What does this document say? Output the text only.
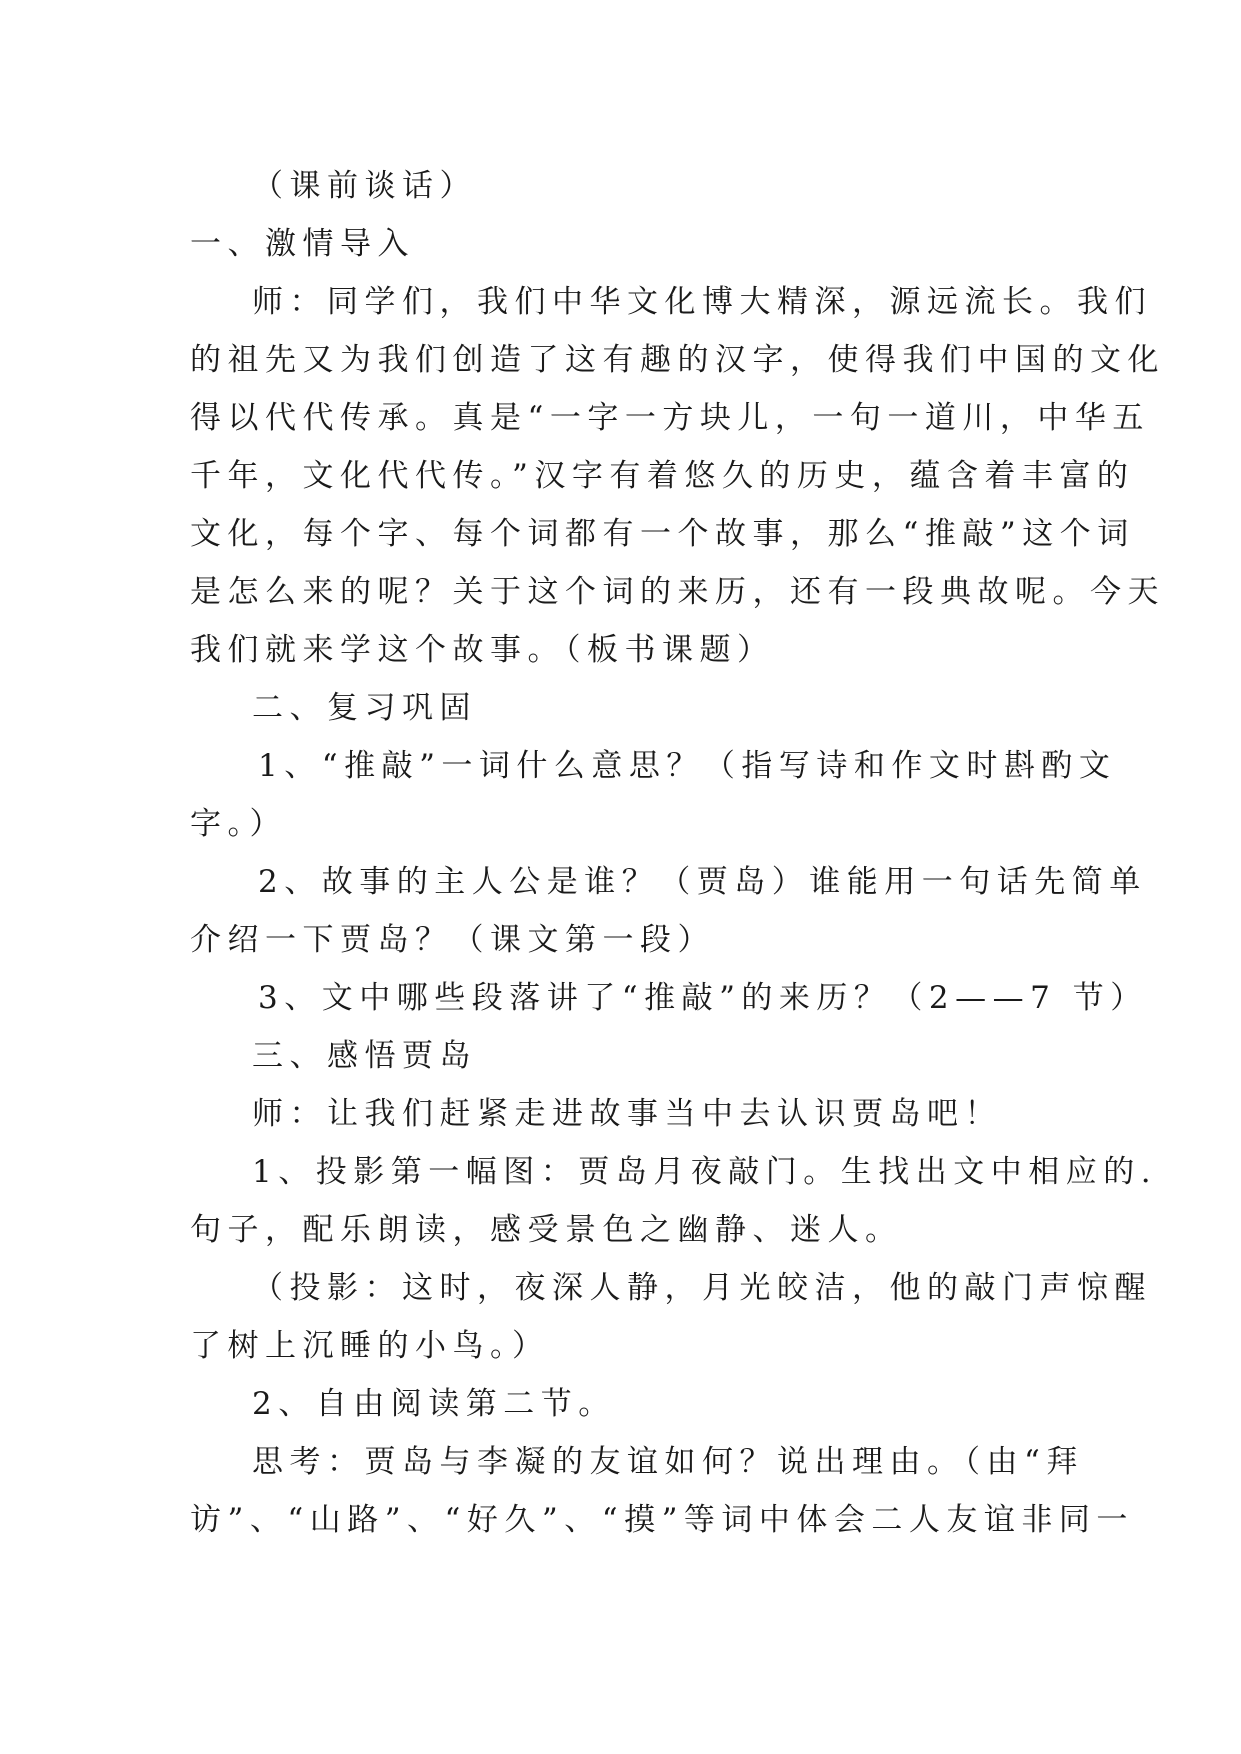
（课前谈话）
一、激情导入
师：同学们，我们中华文化博大精深，源远流长。我们
的祖先又为我们创造了这有趣的汉字，使得我们中国的文化
得以代代传承。真是“一字一方块儿，一句一道川，中华五
千年，文化代代传。”汉字有着悠久的历史，蕴含着丰富的
文化，每个字、每个词都有一个故事，那么“推敲”这个词
是怎么来的呢？关于这个词的来历，还有一段典故呢。今天
我们就来学这个故事。（板书课题）
二、复习巩固
1、“推敲”一词什么意思？（指写诗和作文时斟酌文
字。）
2、故事的主人公是谁？（贾岛）谁能用一句话先简单
介绍一下贾岛？（课文第一段）
3、文中哪些段落讲了“推敲”的来历？（2——7 节）
三、感悟贾岛
师：让我们赶紧走进故事当中去认识贾岛吧！
1、投影第一幅图：贾岛月夜敲门。生找出文中相应的.
句子，配乐朗读，感受景色之幽静、迷人。
（投影：这时，夜深人静，月光皎洁，他的敲门声惊醒
了树上沉睡的小鸟。）
2、自由阅读第二节。
思考：贾岛与李凝的友谊如何？说出理由。（由“拜
访”、“山路”、“好久”、“摸”等词中体会二人友谊非同一
